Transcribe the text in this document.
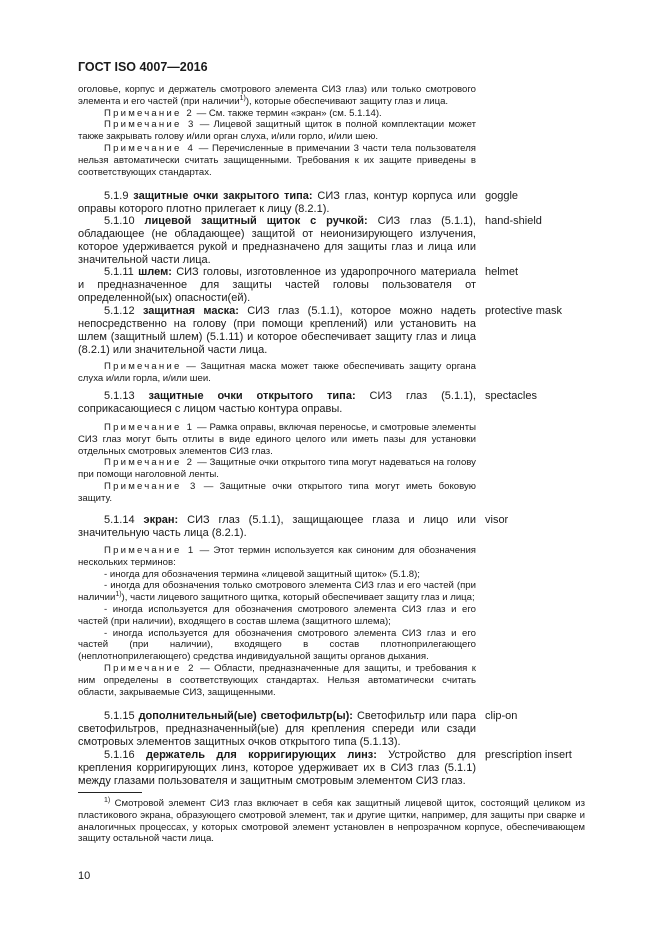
ГОСТ ISO 4007—2016

оголовье, корпус и держатель смотрового элемента СИЗ глаз) или только смотрового элемента и его частей (при наличии$^{1)}$), которые обеспечивают защиту глаз и лица.

Примечание 2 — См. также термин «экран» (см. 5.1.14).

Примечание 3 — Лицевой защитный щиток в полной комплектации может также закрывать голову и/или орган слуха, и/или горло, и/или шею.

Примечание 4 — Перечисленные в примечании 3 части тела пользователя нельзя автоматически считать защищенными. Требования к их защите приведены в соответствующих стандартах.

5.1.9 защитные очки закрытого типа: СИЗ глаз, контур корпуса или оправы которого плотно прилегает к лицу (8.2.1).

goggle

5.1.10 лицевой защитный щиток с ручкой: СИЗ глаз (5.1.1), обладающее (не обладающее) защитой от неионизирующего излучения, которое удерживается рукой и предназначено для защиты глаз и лица или значительной части лица.

hand-shield

5.1.11 шлем: СИЗ головы, изготовленное из ударопрочного материала и предназначенное для защиты частей головы пользователя от определенной(ых) опасности(ей).

helmet

5.1.12 защитная маска: СИЗ глаз (5.1.1), которое можно надеть непосредственно на голову (при помощи креплений) или установить на шлем (защитный шлем) (5.1.11) и которое обеспечивает защиту глаз и лица (8.2.1) или значительной части лица.

protective mask

Примечание — Защитная маска может также обеспечивать защиту органа слуха и/или горла, и/или шеи.

5.1.13 защитные очки открытого типа: СИЗ глаз (5.1.1), соприкасающиеся с лицом частью контура оправы.

spectacles

Примечание 1 — Рамка оправы, включая переносье, и смотровые элементы СИЗ глаз могут быть отлиты в виде единого целого или иметь пазы для установки отдельных смотровых элементов СИЗ глаз.

Примечание 2 — Защитные очки открытого типа могут надеваться на голову при помощи наголовной ленты.

Примечание 3 — Защитные очки открытого типа могут иметь боковую защиту.

5.1.14 экран: СИЗ глаз (5.1.1), защищающее глаза и лицо или значительную часть лица (8.2.1).

visor

Примечание 1 — Этот термин используется как синоним для обозначения нескольких терминов:

- иногда для обозначения термина «лицевой защитный щиток» (5.1.8);

- иногда для обозначения только смотрового элемента СИЗ глаз и его частей (при наличии$^{1)}$), части лицевого защитного щитка, который обеспечивает защиту глаз и лица;

- иногда используется для обозначения смотрового элемента СИЗ глаз и его частей (при наличии), входящего в состав шлема (защитного шлема);

- иногда используется для обозначения смотрового элемента СИЗ глаз и его частей (при наличии), входящего в состав плотноприлегающего (неплотноприлегающего) средства индивидуальной защиты органов дыхания.

Примечание 2 — Области, предназначенные для защиты, и требования к ним определены в соответствующих стандартах. Нельзя автоматически считать области, закрываемые СИЗ, защищенными.

5.1.15 дополнительный(ые) светофильтр(ы): Светофильтр или пара светофильтров, предназначенный(ые) для крепления спереди или сзади смотровых элементов защитных очков открытого типа (5.1.13).

clip-on

5.1.16 держатель для корригирующих линз: Устройство для крепления корригирующих линз, которое удерживает их в СИЗ глаз (5.1.1) между глазами пользователя и защитным смотровым элементом СИЗ глаз.

prescription insert

$^{1)}$ Смотровой элемент СИЗ глаз включает в себя как защитный лицевой щиток, состоящий целиком из пластикового экрана, образующего смотровой элемент, так и другие щитки, например, для защиты при сварке и аналогичных процессах, у которых смотровой элемент установлен в непрозрачном корпусе, обеспечивающем защиту остальной части лица.

10
